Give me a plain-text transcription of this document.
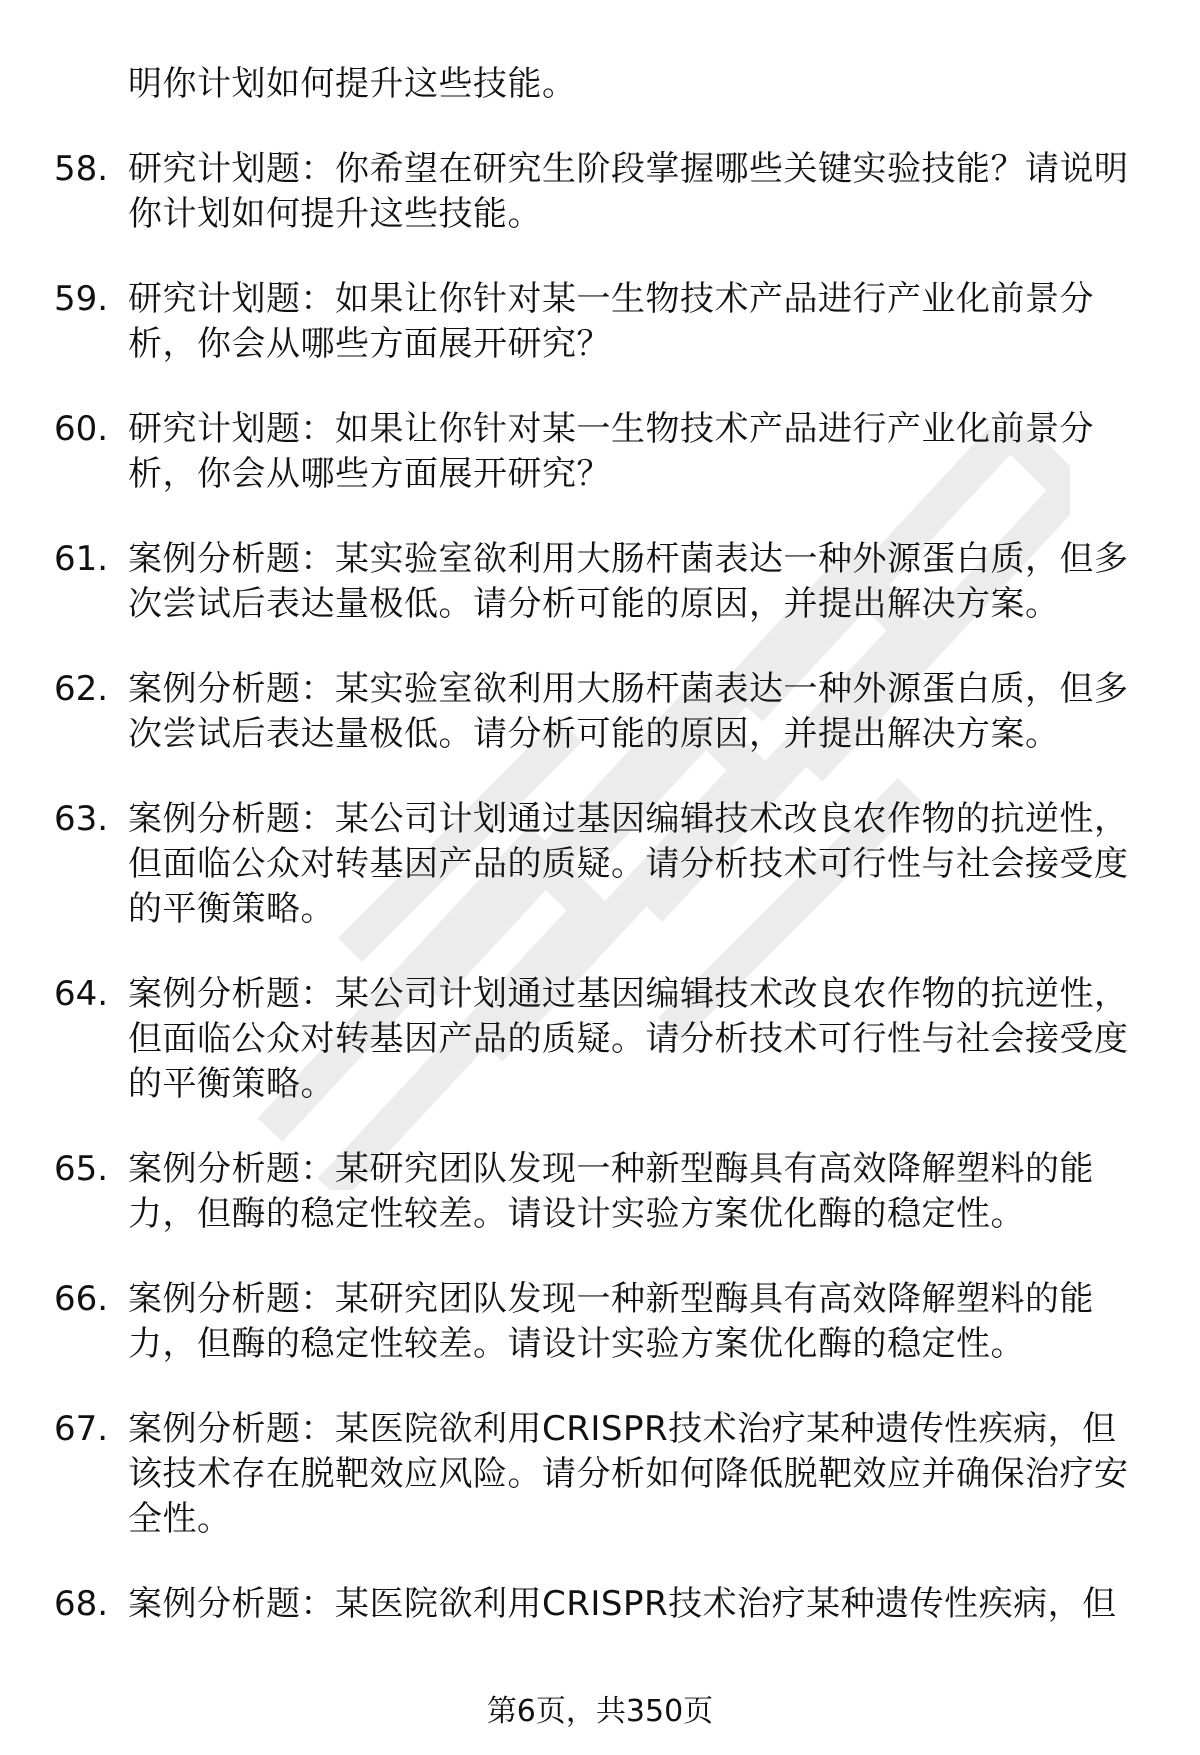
明你计划如何提升这些技能。
58. 研究计划题：你希望在研究生阶段掌握哪些关键实验技能？请说明你计划如何提升这些技能。
59. 研究计划题：如果让你针对某一生物技术产品进行产业化前景分析，你会从哪些方面展开研究？
60. 研究计划题：如果让你针对某一生物技术产品进行产业化前景分析，你会从哪些方面展开研究？
61. 案例分析题：某实验室欲利用大肠杆菌表达一种外源蛋白质，但多次尝试后表达量极低。请分析可能的原因，并提出解决方案。
62. 案例分析题：某实验室欲利用大肠杆菌表达一种外源蛋白质，但多次尝试后表达量极低。请分析可能的原因，并提出解决方案。
63. 案例分析题：某公司计划通过基因编辑技术改良农作物的抗逆性，但面临公众对转基因产品的质疑。请分析技术可行性与社会接受度的平衡策略。
64. 案例分析题：某公司计划通过基因编辑技术改良农作物的抗逆性，但面临公众对转基因产品的质疑。请分析技术可行性与社会接受度的平衡策略。
65. 案例分析题：某研究团队发现一种新型酶具有高效降解塑料的能力，但酶的稳定性较差。请设计实验方案优化酶的稳定性。
66. 案例分析题：某研究团队发现一种新型酶具有高效降解塑料的能力，但酶的稳定性较差。请设计实验方案优化酶的稳定性。
67. 案例分析题：某医院欲利用CRISPR技术治疗某种遗传性疾病，但该技术存在脱靶效应风险。请分析如何降低脱靶效应并确保治疗安全性。
68. 案例分析题：某医院欲利用CRISPR技术治疗某种遗传性疾病，但
第6页，共350页
